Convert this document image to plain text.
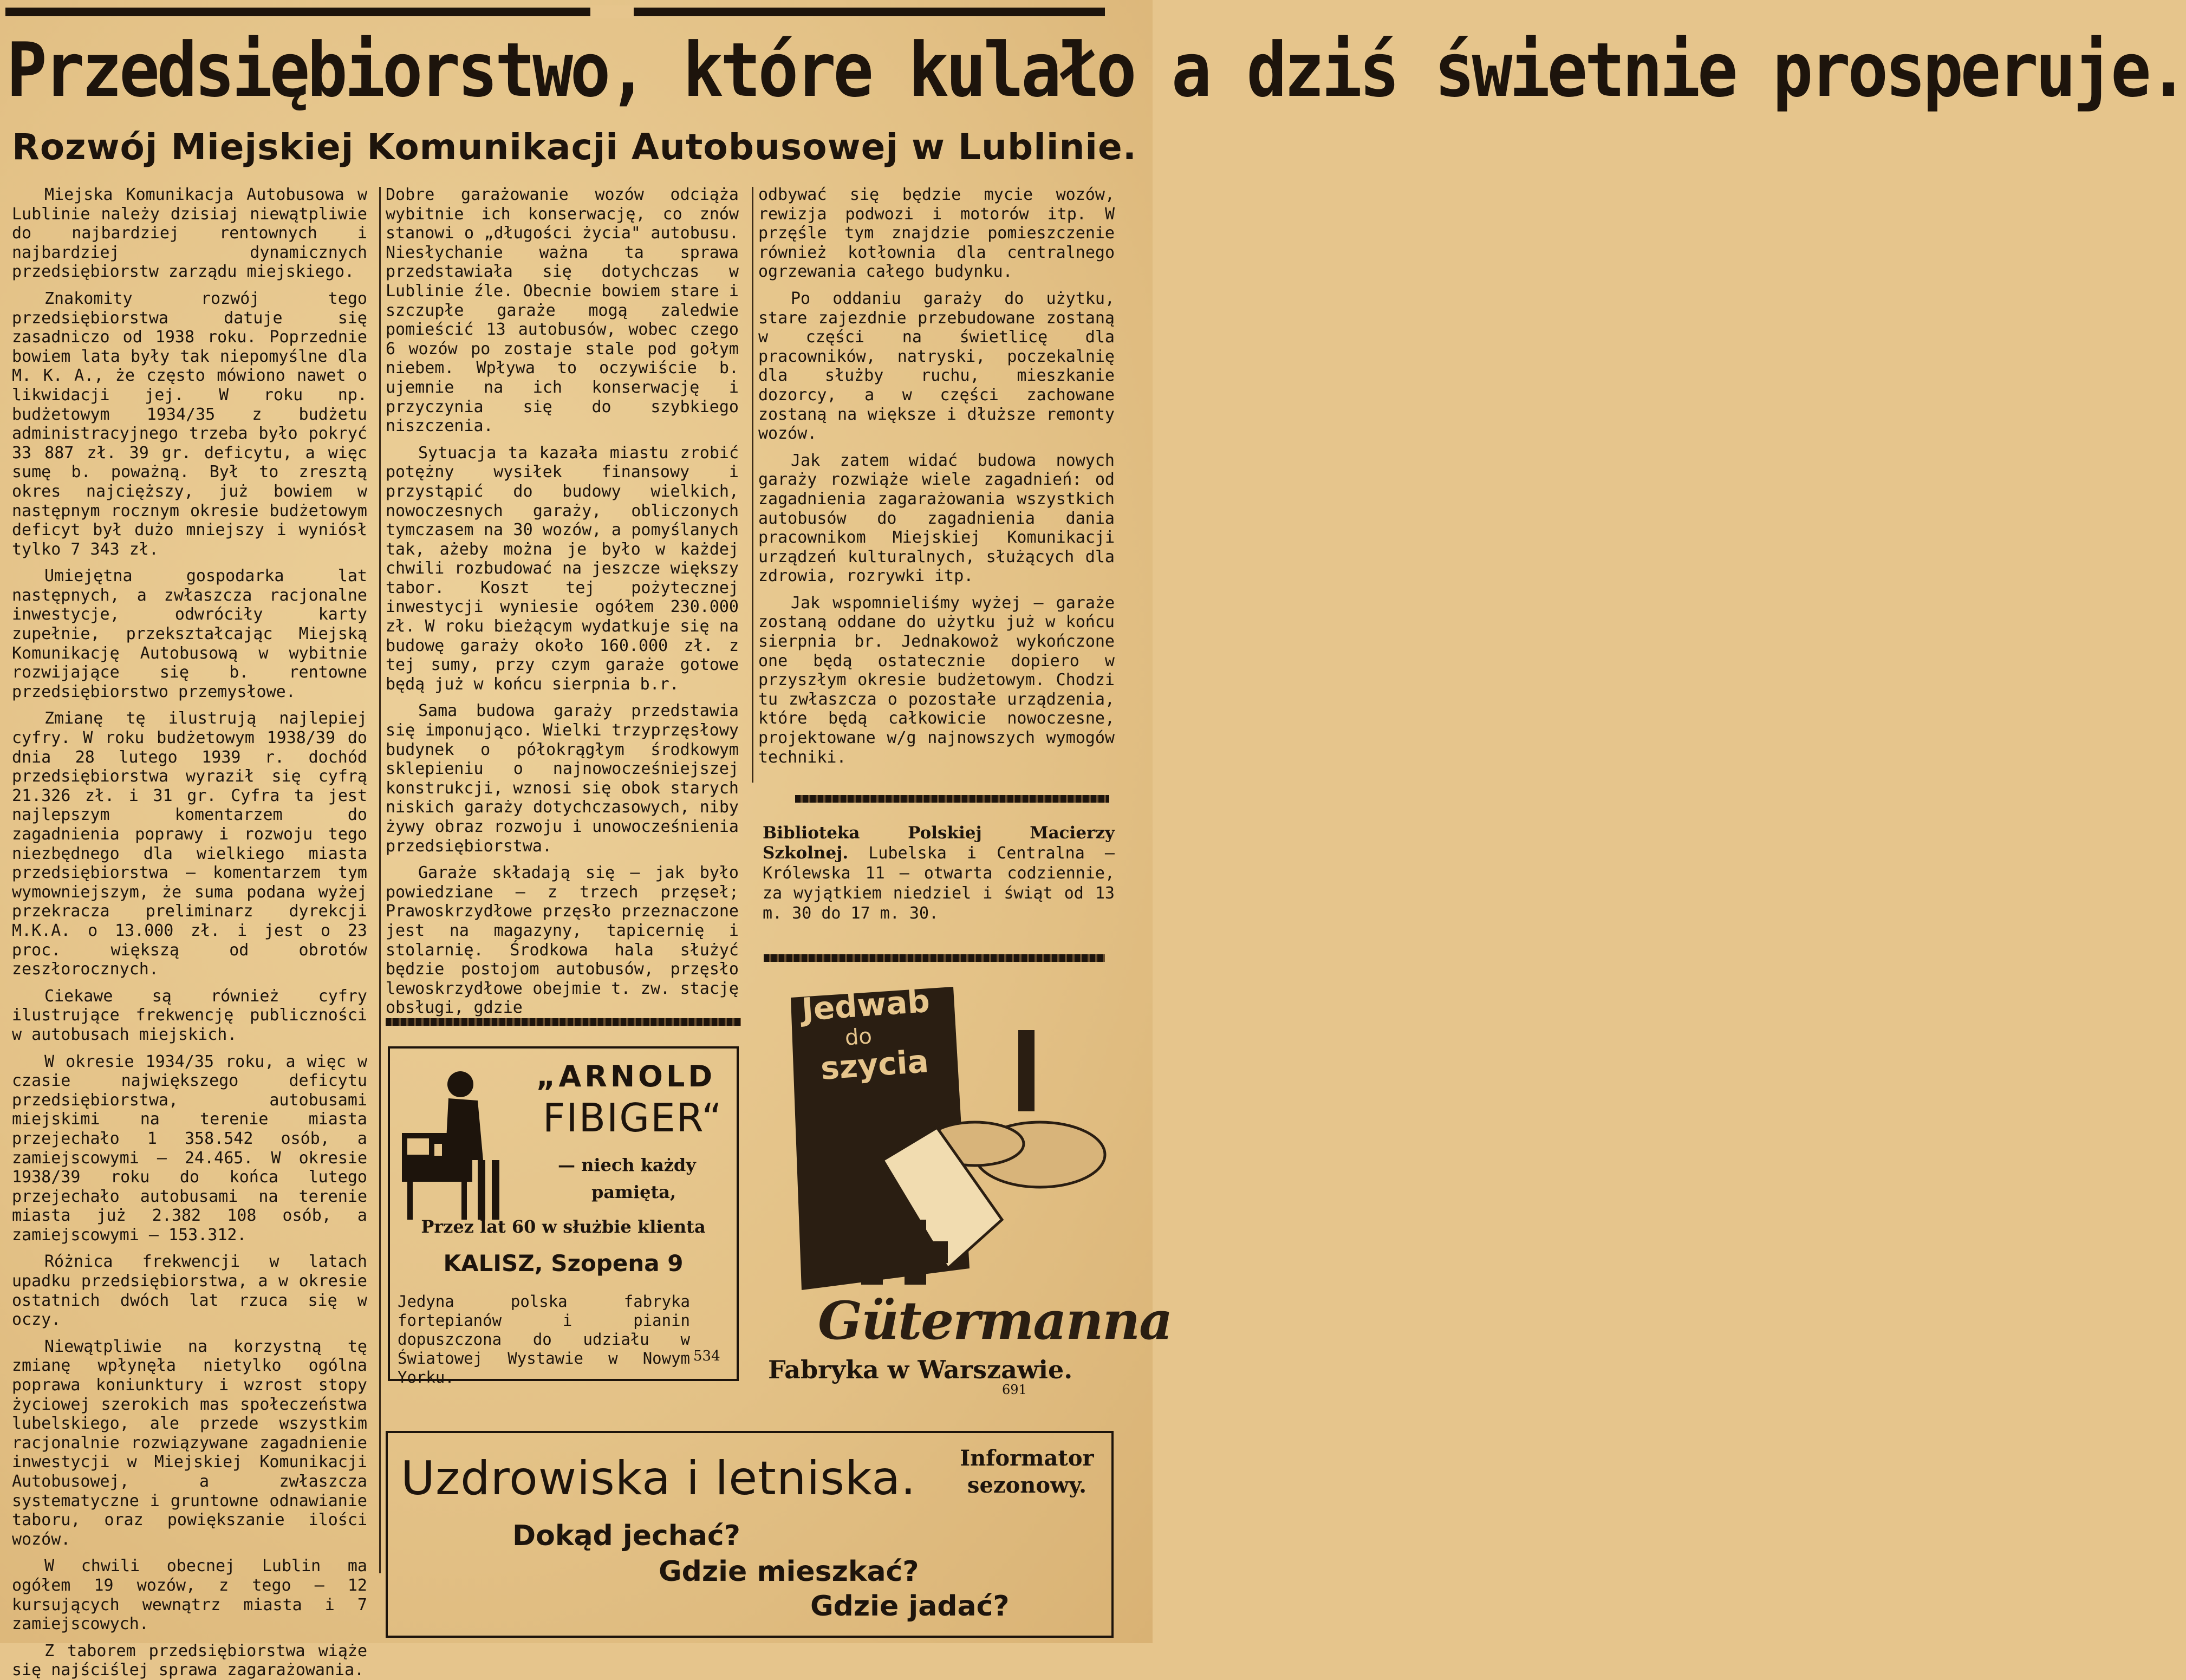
Przedsiębiorstwo, które kulało a dziś świetnie prosperuje.
Rozwój Miejskiej Komunikacji Autobusowej w Lublinie.

Miejska Komunikacja Autobusowa w Lublinie należy dzisiaj niewątpliwie do najbardziej rentownych i najbardziej dynamicznych przedsiębiorstw zarządu miejskiego.

Znakomity rozwój tego przedsiębiorstwa datuje się zasadniczo od 1938 roku. Poprzednie bowiem lata były tak niepomyślne dla M. K. A., że często mówiono nawet o likwidacji jej. W roku np. budżetowym 1934/35 z budżetu administracyjnego trzeba było pokryć 33 887 zł. 39 gr. deficytu, a więc sumę b. poważną. Był to zresztą okres najcięższy, już bowiem w następnym rocznym okresie budżetowym deficyt był dużo mniejszy i wyniósł tylko 7 343 zł.

Umiejętna gospodarka lat następnych, a zwłaszcza racjonalne inwestycje, odwróciły karty zupełnie, przekształcając Miejską Komunikację Autobusową w wybitnie rozwijające się b. rentowne przedsiębiorstwo przemysłowe.

Zmianę tę ilustrują najlepiej cyfry. W roku budżetowym 1938/39 do dnia 28 lutego 1939 r. dochód przedsiębiorstwa wyraził się cyfrą 21.326 zł. i 31 gr. Cyfra ta jest najlepszym komentarzem do zagadnienia poprawy i rozwoju tego niezbędnego dla wielkiego miasta przedsiębiorstwa — komentarzem tym wymowniejszym, że suma podana wyżej przekracza preliminarz dyrekcji M.K.A. o 13.000 zł. i jest o 23 proc. większą od obrotów zeszłorocznych.

Ciekawe są również cyfry ilustrujące frekwencję publiczności w autobusach miejskich.

W okresie 1934/35 roku, a więc w czasie największego deficytu przedsiębiorstwa, autobusami miejskimi na terenie miasta przejechało 1 358.542 osób, a zamiejscowymi — 24.465. W okresie 1938/39 roku do końca lutego przejechało autobusami na terenie miasta już 2.382 108 osób, a zamiejscowymi — 153.312.

Różnica frekwencji w latach upadku przedsiębiorstwa, a w okresie ostatnich dwóch lat rzuca się w oczy.

Niewątpliwie na korzystną tę zmianę wpłynęła nietylko ogólna poprawa koniunktury i wzrost stopy życiowej szerokich mas społeczeństwa lubelskiego, ale przede wszystkim racjonalnie rozwiązywane zagadnienie inwestycji w Miejskiej Komunikacji Autobusowej, a zwłaszcza systematyczne i gruntowne odnawianie taboru, oraz powiększanie ilości wozów.

W chwili obecnej Lublin ma ogółem 19 wozów, z tego — 12 kursujących wewnątrz miasta i 7 zamiejscowych.

Z taborem przedsiębiorstwa wiąże się najściślej sprawa zagarażowania.

Dobre garażowanie wozów odciąża wybitnie ich konserwację, co znów stanowi o „długości życia" autobusu. Niesłychanie ważna ta sprawa przedstawiała się dotychczas w Lublinie źle. Obecnie bowiem stare i szczupłe garaże mogą zaledwie pomieścić 13 autobusów, wobec czego 6 wozów po zostaje stale pod gołym niebem. Wpływa to oczywiście b. ujemnie na ich konserwację i przyczynia się do szybkiego niszczenia.

Sytuacja ta kazała miastu zrobić potężny wysiłek finansowy i przystąpić do budowy wielkich, nowoczesnych garaży, obliczonych tymczasem na 30 wozów, a pomyślanych tak, ażeby można je było w każdej chwili rozbudować na jeszcze większy tabor. Koszt tej pożytecznej inwestycji wyniesie ogółem 230.000 zł. W roku bieżącym wydatkuje się na budowę garaży około 160.000 zł. z tej sumy, przy czym garaże gotowe będą już w końcu sierpnia b.r.

Sama budowa garaży przedstawia się imponująco. Wielki trzyprzęsłowy budynek o półokrągłym środkowym sklepieniu o najnowocześniejszej konstrukcji, wznosi się obok starych niskich garaży dotychczasowych, niby żywy obraz rozwoju i unowocześnienia przedsiębiorstwa.

Garaże składają się — jak było powiedziane — z trzech przęseł; Prawoskrzydłowe przęsło przeznaczone jest na magazyny, tapicernię i stolarnię. Środkowa hala służyć będzie postojom autobusów, przęsło lewoskrzydłowe obejmie t. zw. stację obsługi, gdzie

odbywać się będzie mycie wozów, rewizja podwozi i motorów itp. W przęśle tym znajdzie pomieszczenie również kotłownia dla centralnego ogrzewania całego budynku.

Po oddaniu garaży do użytku, stare zajezdnie przebudowane zostaną w części na świetlicę dla pracowników, natryski, poczekalnię dla służby ruchu, mieszkanie dozorcy, a w części zachowane zostaną na większe i dłuższe remonty wozów.

Jak zatem widać budowa nowych garaży rozwiąże wiele zagadnień: od zagadnienia zagarażowania wszystkich autobusów do zagadnienia dania pracownikom Miejskiej Komunikacji urządzeń kulturalnych, służących dla zdrowia, rozrywki itp.

Jak wspomnieliśmy wyżej — garaże zostaną oddane do użytku już w końcu sierpnia br. Jednakowoż wykończone one będą ostatecznie dopiero w przyszłym okresie budżetowym. Chodzi tu zwłaszcza o pozostałe urządzenia, które będą całkowicie nowoczesne, projektowane w/g najnowszych wymogów techniki.

Biblioteka Polskiej Macierzy Szkolnej. Lubelska i Centralna — Królewska 11 — otwarta codziennie, za wyjątkiem niedziel i świąt od 13 m. 30 do 17 m. 30.
„ARNOLD
FIBIGER“
— niech każdy
pamięta,
Przez lat 60 w służbie klienta
KALISZ, Szopena 9
Jedyna polska fabryka fortepianów i pianin dopuszczona do udziału w Światowej Wystawie w Nowym Yorku.
534
Jedwab
do
szycia
Gütermanna
Fabryka w Warszawie.
691
Uzdrowiska i letniska.	Informator sezonowy.
Dokąd jechać?
Gdzie mieszkać?
Gdzie jadać?
